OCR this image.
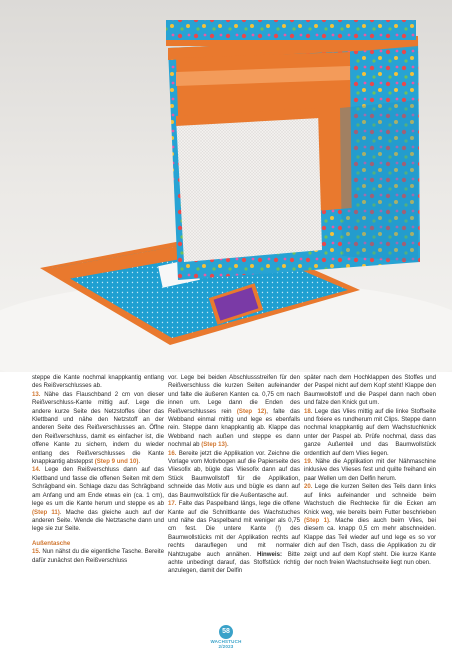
steppe die Kante nochmal knappkantig entlang des Reißverschlusses ab.
13. Nähe das Flauschband 2 cm von dieser Reißverschluss-Kante mittig auf. Lege die andere kurze Seite des Netzstoffes über das Klettband und nähe den Netzstoff an der anderen Seite des Reißverschlusses an. Öffne den Reißverschluss, damit es einfacher ist, die offene Kante zu sichern, indem du wieder entlang des Reißverschlusses die Kante knappkantig absteppst (Step 9 und 10).
14. Lege den Reißverschluss dann auf das Klettband und fasse die offenen Seiten mit dem Schrägband ein. Schlage dazu das Schrägband am Anfang und am Ende etwas ein (ca. 1 cm), lege es um die Kante herum und steppe es ab (Step 11). Mache das gleiche auch auf der anderen Seite. Wende die Netztasche dann und lege sie zur Seite.

Außentasche

15. Nun nähst du die eigentliche Tasche. Bereite dafür zunächst den Reißverschluss

vor. Lege bei beiden Abschlussstreifen für den Reißverschluss die kurzen Seiten aufeinander und falte die äußeren Kanten ca. 0,75 cm nach innen um. Lege dann die Enden des Reißverschlusses rein (Step 12), falte das Webband einmal mittig und lege es ebenfalls rein. Steppe dann knappkantig ab. Klappe das Webband nach außen und steppe es dann nochmal ab (Step 13).
16. Bereite jetzt die Applikation vor. Zeichne die Vorlage vom Motivbogen auf die Papierseite des Vliesofix ab, bügle das Vliesofix dann auf das Stück Baumwollstoff für die Applikation, schneide das Motiv aus und bügle es dann auf das Baumwollstück für die Außentasche auf.
17. Falte das Paspelband längs, lege die offene Kante auf die Schnittkante des Wachstuches und nähe das Paspelband mit weniger als 0,75 cm fest. Die untere Kante (!) des Baumwollstücks mit der Applikation rechts auf rechts darauflegen und mit normaler Nahtzugabe auch annähen. Hinweis: Bitte achte unbedingt darauf, das Stoffstück richtig anzulegen, damit der Delfin

später nach dem Hochklappen des Stoffes und der Paspel nicht auf dem Kopf steht! Klappe den Baumwollstoff und die Paspel dann nach oben und falze den Knick gut um.
18. Lege das Vlies mittig auf die linke Stoffseite und fixiere es rundherum mit Clips. Steppe dann nochmal knappkantig auf dem Wachstuchknick unter der Paspel ab. Prüfe nochmal, dass das ganze Außenteil und das Baumwollstück ordentlich auf dem Vlies liegen.
19. Nähe die Applikation mit der Nähmaschine inklusive des Vlieses fest und quilte freihand ein paar Wellen um den Delfin herum.
20. Lege die kurzen Seiten des Teils dann links auf links aufeinander und schneide beim Wachstuch die Rechtecke für die Ecken am Knick weg, wie bereits beim Futter beschrieben (Step 1). Mache dies auch beim Vlies, bei diesem ca. knapp 0,5 cm mehr abschneiden. Klappe das Teil wieder auf und lege es so vor dich auf den Tisch, dass die Applikation zu dir zeigt und auf dem Kopf steht. Die kurze Kante der noch freien Wachstuchseite liegt nun oben.

58
WACHSTUCH
2/2023
